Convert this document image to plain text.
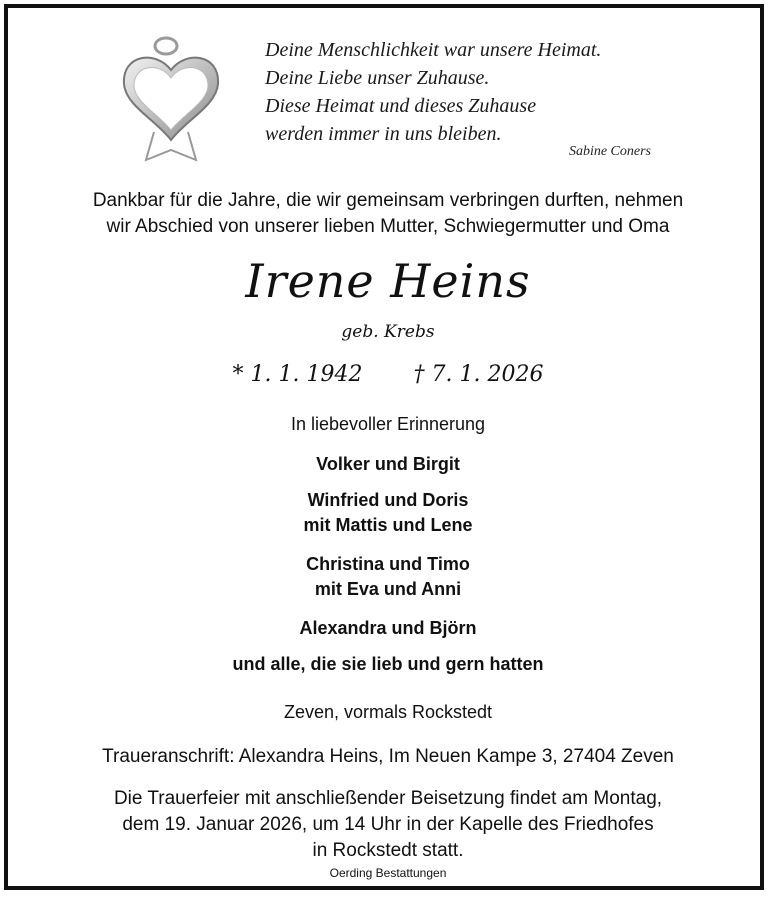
Deine Menschlichkeit war unsere Heimat.
Deine Liebe unser Zuhause.
Diese Heimat und dieses Zuhause
werden immer in uns bleiben.
Sabine Coners
Dankbar für die Jahre, die wir gemeinsam verbringen durften, nehmen
wir Abschied von unserer lieben Mutter, Schwiegermutter und Oma
Irene Heins
geb. Krebs
* 1. 1. 1942 † 7. 1. 2026
In liebevoller Erinnerung
Volker und Birgit
Winfried und Doris
mit Mattis und Lene
Christina und Timo
mit Eva und Anni
Alexandra und Björn
und alle, die sie lieb und gern hatten
Zeven, vormals Rockstedt
Traueranschrift: Alexandra Heins, Im Neuen Kampe 3, 27404 Zeven
Die Trauerfeier mit anschließender Beisetzung findet am Montag,
dem 19. Januar 2026, um 14 Uhr in der Kapelle des Friedhofes
in Rockstedt statt.
Oerding Bestattungen
